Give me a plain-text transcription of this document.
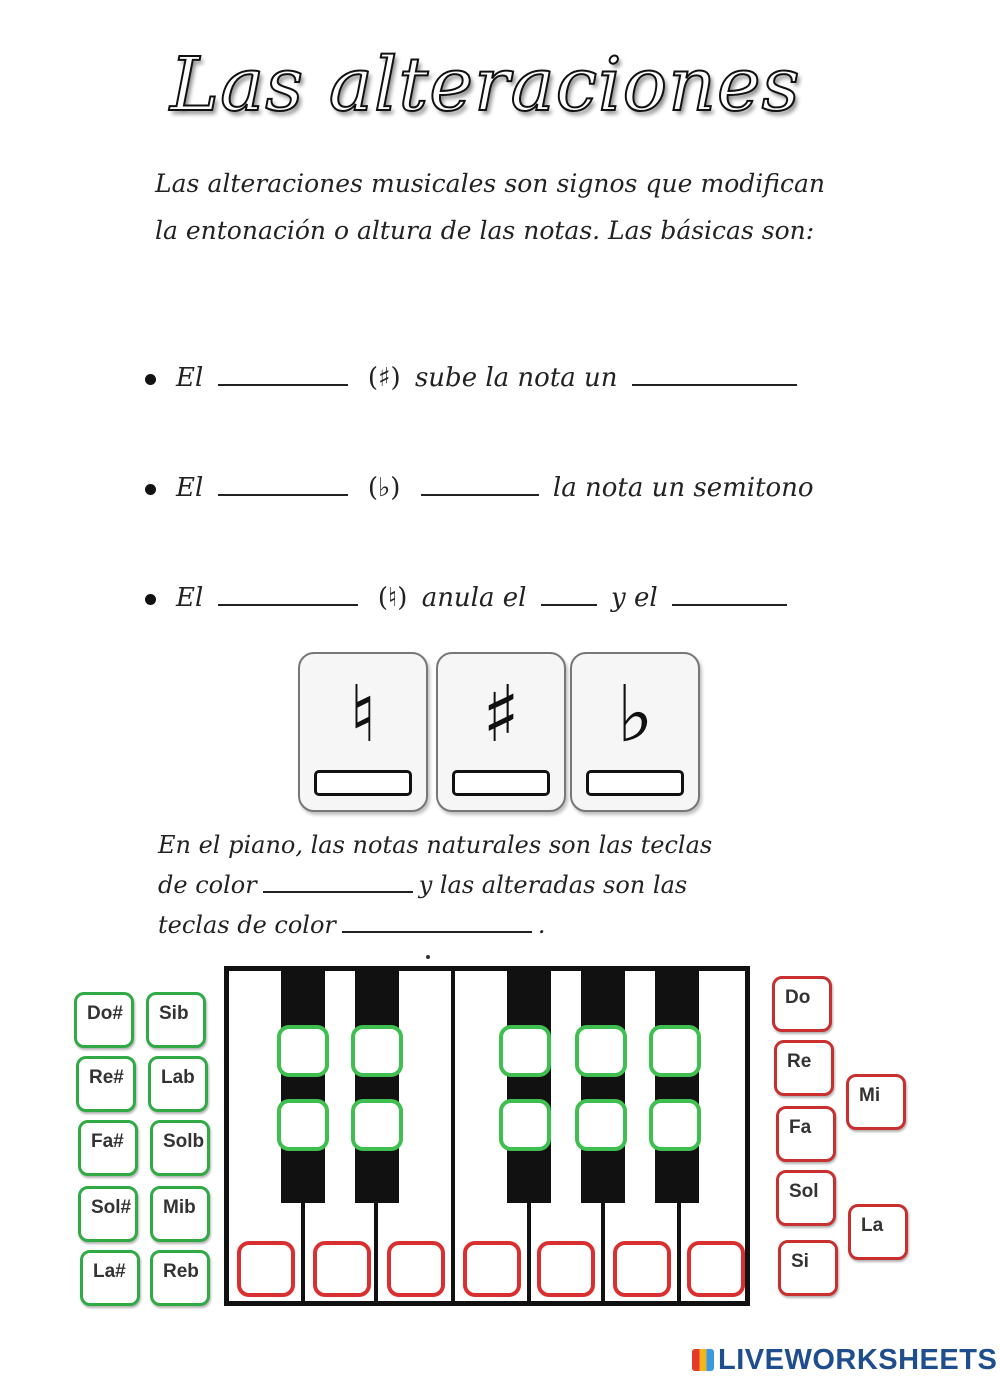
Las alteraciones
Las alteraciones musicales son signos que modifican la entonación o altura de las notas. Las básicas son:
El	(♯) sube la nota un
El	(♭)	la nota un semitono
El	(♮) anula el	y el
♮	♯	♭
En el piano, las notas naturales son las teclas
de color	y las alteradas son las
teclas de color	.
Do#
Re#
Fa#
Sol#
La#
Sib
Lab
Solb
Mib
Reb
Do
Re
Fa
Sol
Si
Mi
La
LIVEWORKSHEETS
